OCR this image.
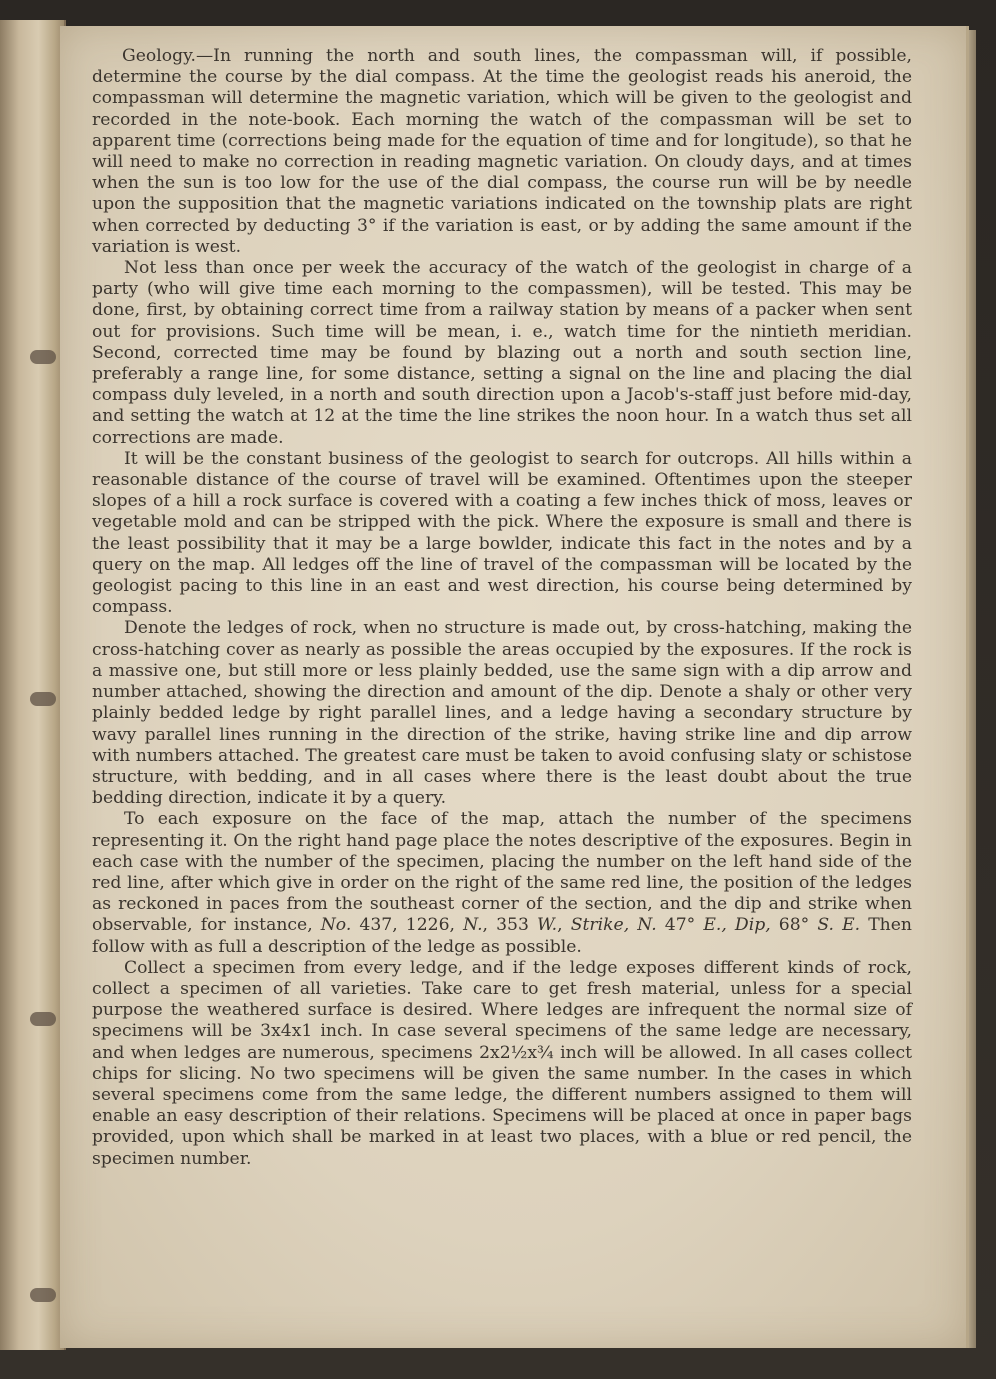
Geology.—In running the north and south lines, the compassman will, if possible, determine the course by the dial compass. At the time the geologist reads his aneroid, the compassman will determine the magnetic variation, which will be given to the geologist and recorded in the note-book. Each morning the watch of the compassman will be set to apparent time (corrections being made for the equation of time and for longitude), so that he will need to make no correction in reading magnetic variation. On cloudy days, and at times when the sun is too low for the use of the dial compass, the course run will be by needle upon the supposition that the magnetic variations indicated on the township plats are right when corrected by deducting 3° if the variation is east, or by adding the same amount if the variation is west.

Not less than once per week the accuracy of the watch of the geologist in charge of a party (who will give time each morning to the compassmen), will be tested. This may be done, first, by obtaining correct time from a railway station by means of a packer when sent out for provisions. Such time will be mean, i. e., watch time for the nintieth meridian. Second, corrected time may be found by blazing out a north and south section line, preferably a range line, for some distance, setting a signal on the line and placing the dial compass duly leveled, in a north and south direction upon a Jacob's-staff just before mid-day, and setting the watch at 12 at the time the line strikes the noon hour. In a watch thus set all corrections are made.

It will be the constant business of the geologist to search for outcrops. All hills within a reasonable distance of the course of travel will be examined. Oftentimes upon the steeper slopes of a hill a rock surface is covered with a coating a few inches thick of moss, leaves or vegetable mold and can be stripped with the pick. Where the exposure is small and there is the least possibility that it may be a large bowlder, indicate this fact in the notes and by a query on the map. All ledges off the line of travel of the compassman will be located by the geologist pacing to this line in an east and west direction, his course being determined by compass.

Denote the ledges of rock, when no structure is made out, by cross-hatching, making the cross-hatching cover as nearly as possible the areas occupied by the exposures. If the rock is a massive one, but still more or less plainly bedded, use the same sign with a dip arrow and number attached, showing the direction and amount of the dip. Denote a shaly or other very plainly bedded ledge by right parallel lines, and a ledge having a secondary structure by wavy parallel lines running in the direction of the strike, having strike line and dip arrow with numbers attached. The greatest care must be taken to avoid confusing slaty or schistose structure, with bedding, and in all cases where there is the least doubt about the true bedding direction, indicate it by a query.

To each exposure on the face of the map, attach the number of the specimens representing it. On the right hand page place the notes descriptive of the exposures. Begin in each case with the number of the specimen, placing the number on the left hand side of the red line, after which give in order on the right of the same red line, the position of the ledges as reckoned in paces from the southeast corner of the section, and the dip and strike when observable, for instance, No. 437, 1226, N., 353 W., Strike, N. 47° E., Dip, 68° S. E. Then follow with as full a description of the ledge as possible.

Collect a specimen from every ledge, and if the ledge exposes different kinds of rock, collect a specimen of all varieties. Take care to get fresh material, unless for a special purpose the weathered surface is desired. Where ledges are infrequent the normal size of specimens will be 3x4x1 inch. In case several specimens of the same ledge are necessary, and when ledges are numerous, specimens 2x2½x¾ inch will be allowed. In all cases collect chips for slicing. No two specimens will be given the same number. In the cases in which several specimens come from the same ledge, the different numbers assigned to them will enable an easy description of their relations. Specimens will be placed at once in paper bags provided, upon which shall be marked in at least two places, with a blue or red pencil, the specimen number.
